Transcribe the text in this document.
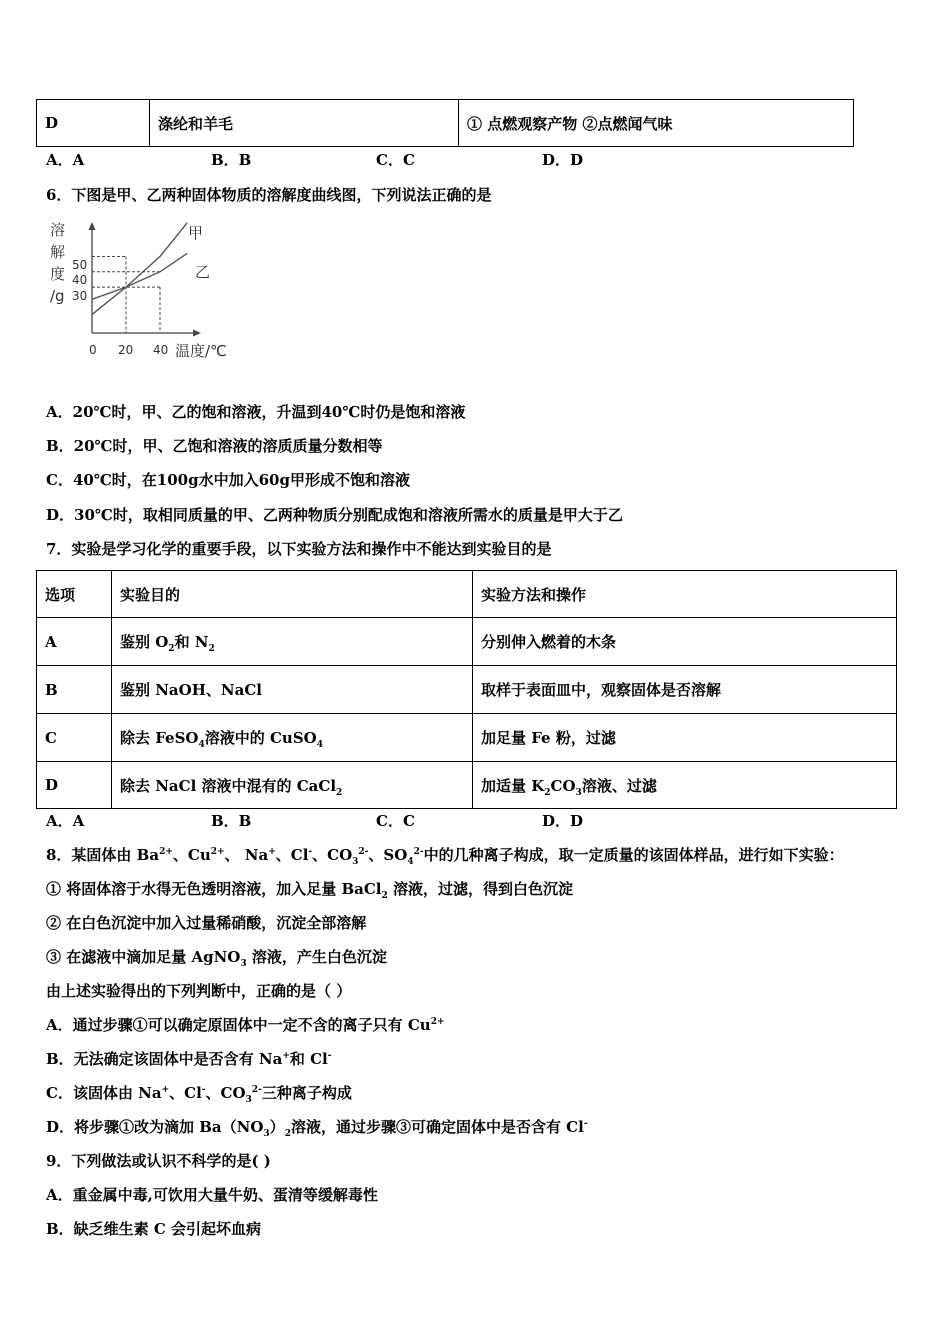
D	涤纶和羊毛	① 点燃观察产物 ②点燃闻气味
A．A	B．B	C．C	D．D
6．下图是甲、乙两种固体物质的溶解度曲线图，下列说法正确的是
溶
解
度
/g
50
40
30
0 20 40 温度/℃
甲
乙
A．20℃时，甲、乙的饱和溶液，升温到40℃时仍是饱和溶液
B．20℃时，甲、乙饱和溶液的溶质质量分数相等
C．40℃时，在100g水中加入60g甲形成不饱和溶液
D．30℃时，取相同质量的甲、乙两种物质分别配成饱和溶液所需水的质量是甲大于乙
7．实验是学习化学的重要手段，以下实验方法和操作中不能达到实验目的是
选项	实验目的	实验方法和操作
A	鉴别 $O_2$和 $N_2$	分别伸入燃着的木条
B	鉴别 NaOH、NaCl	取样于表面皿中，观察固体是否溶解
C	除去 FeSO$_4$溶液中的 CuSO$_4$	加足量 Fe 粉，过滤
D	除去 NaCl 溶液中混有的 CaCl$_2$	加适量 $K_2CO_3$溶液、过滤
A．A	B．B	C．C	D．D
8．某固体由 $Ba^{2+}$、$Cu^{2+}$、 Na+、Cl-、$CO_3^{2-}$、$SO_4^{2-}$中的几种离子构成，取一定质量的该固体样品，进行如下实验：
① 将固体溶于水得无色透明溶液，加入足量 BaCl$_2$ 溶液，过滤，得到白色沉淀
② 在白色沉淀中加入过量稀硝酸，沉淀全部溶解
③ 在滤液中滴加足量 AgNO$_3$ 溶液，产生白色沉淀
由上述实验得出的下列判断中，正确的是（ ）
A．通过步骤①可以确定原固体中一定不含的离子只有 $Cu^{2+}$
B．无法确定该固体中是否含有 Na+和 Cl-
C．该固体由 Na+、Cl-、$CO_3^{2-}$三种离子构成
D．将步骤①改为滴加 $Ba(NO_3)_2$溶液，通过步骤③可确定固体中是否含有 Cl-
9．下列做法或认识不科学的是( )
A．重金属中毒,可饮用大量牛奶、蛋清等缓解毒性
B．缺乏维生素 C 会引起坏血病
